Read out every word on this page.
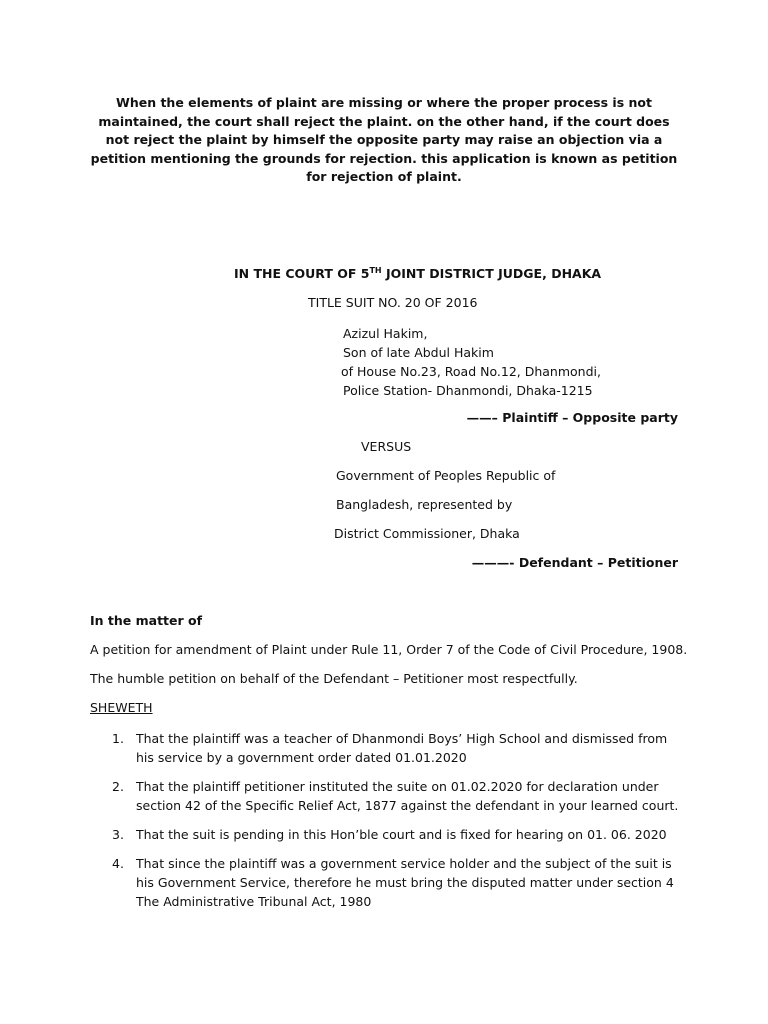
When the elements of plaint are missing or where the proper process is not maintained, the court shall reject the plaint. on the other hand, if the court does not reject the plaint by himself the opposite party may raise an objection via a petition mentioning the grounds for rejection. this application is known as petition for rejection of plaint.
IN THE COURT OF 5TH JOINT DISTRICT JUDGE, DHAKA
TITLE SUIT NO. 20 OF 2016
Azizul Hakim,
Son of late Abdul Hakim
of House No.23, Road No.12, Dhanmondi,
Police Station- Dhanmondi, Dhaka-1215
——– Plaintiff – Opposite party
VERSUS
Government of Peoples Republic of
Bangladesh, represented by
District Commissioner, Dhaka
———- Defendant – Petitioner
In the matter of
A petition for amendment of Plaint under Rule 11, Order 7 of the Code of Civil Procedure, 1908.
The humble petition on behalf of the Defendant – Petitioner most respectfully.
SHEWETH
1. That the plaintiff was a teacher of Dhanmondi Boys’ High School and dismissed from his service by a government order dated 01.01.2020
2. That the plaintiff petitioner instituted the suite on 01.02.2020 for declaration under section 42 of the Specific Relief Act, 1877 against the defendant in your learned court.
3. That the suit is pending in this Hon’ble court and is fixed for hearing on 01. 06. 2020
4. That since the plaintiff was a government service holder and the subject of the suit is his Government Service, therefore he must bring the disputed matter under section 4 The Administrative Tribunal Act, 1980
